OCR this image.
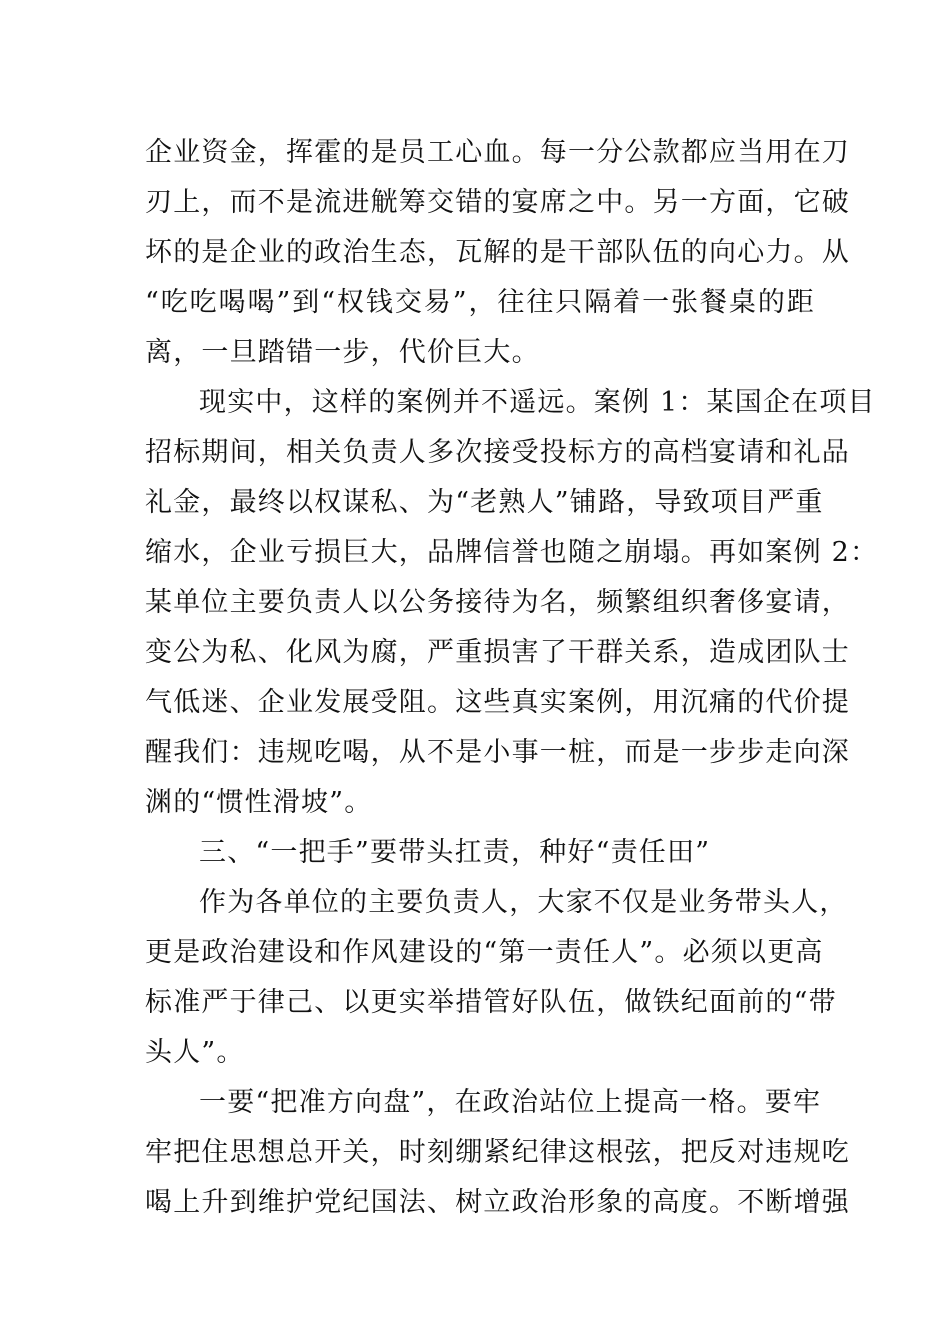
企业资金，挥霍的是员工心血。每一分公款都应当用在刀
刃上，而不是流进觥筹交错的宴席之中。另一方面，它破
坏的是企业的政治生态，瓦解的是干部队伍的向心力。从
“吃吃喝喝”到“权钱交易”，往往只隔着一张餐桌的距
离，一旦踏错一步，代价巨大。
现实中，这样的案例并不遥远。案例 1：某国企在项目
招标期间，相关负责人多次接受投标方的高档宴请和礼品
礼金，最终以权谋私、为“老熟人”铺路，导致项目严重
缩水，企业亏损巨大，品牌信誉也随之崩塌。再如案例 2：
某单位主要负责人以公务接待为名，频繁组织奢侈宴请，
变公为私、化风为腐，严重损害了干群关系，造成团队士
气低迷、企业发展受阻。这些真实案例，用沉痛的代价提
醒我们：违规吃喝，从不是小事一桩，而是一步步走向深
渊的“惯性滑坡”。
三、“一把手”要带头扛责，种好“责任田”
作为各单位的主要负责人，大家不仅是业务带头人，
更是政治建设和作风建设的“第一责任人”。必须以更高
标准严于律己、以更实举措管好队伍，做铁纪面前的“带
头人”。
一要“把准方向盘”，在政治站位上提高一格。要牢
牢把住思想总开关，时刻绷紧纪律这根弦，把反对违规吃
喝上升到维护党纪国法、树立政治形象的高度。不断增强
